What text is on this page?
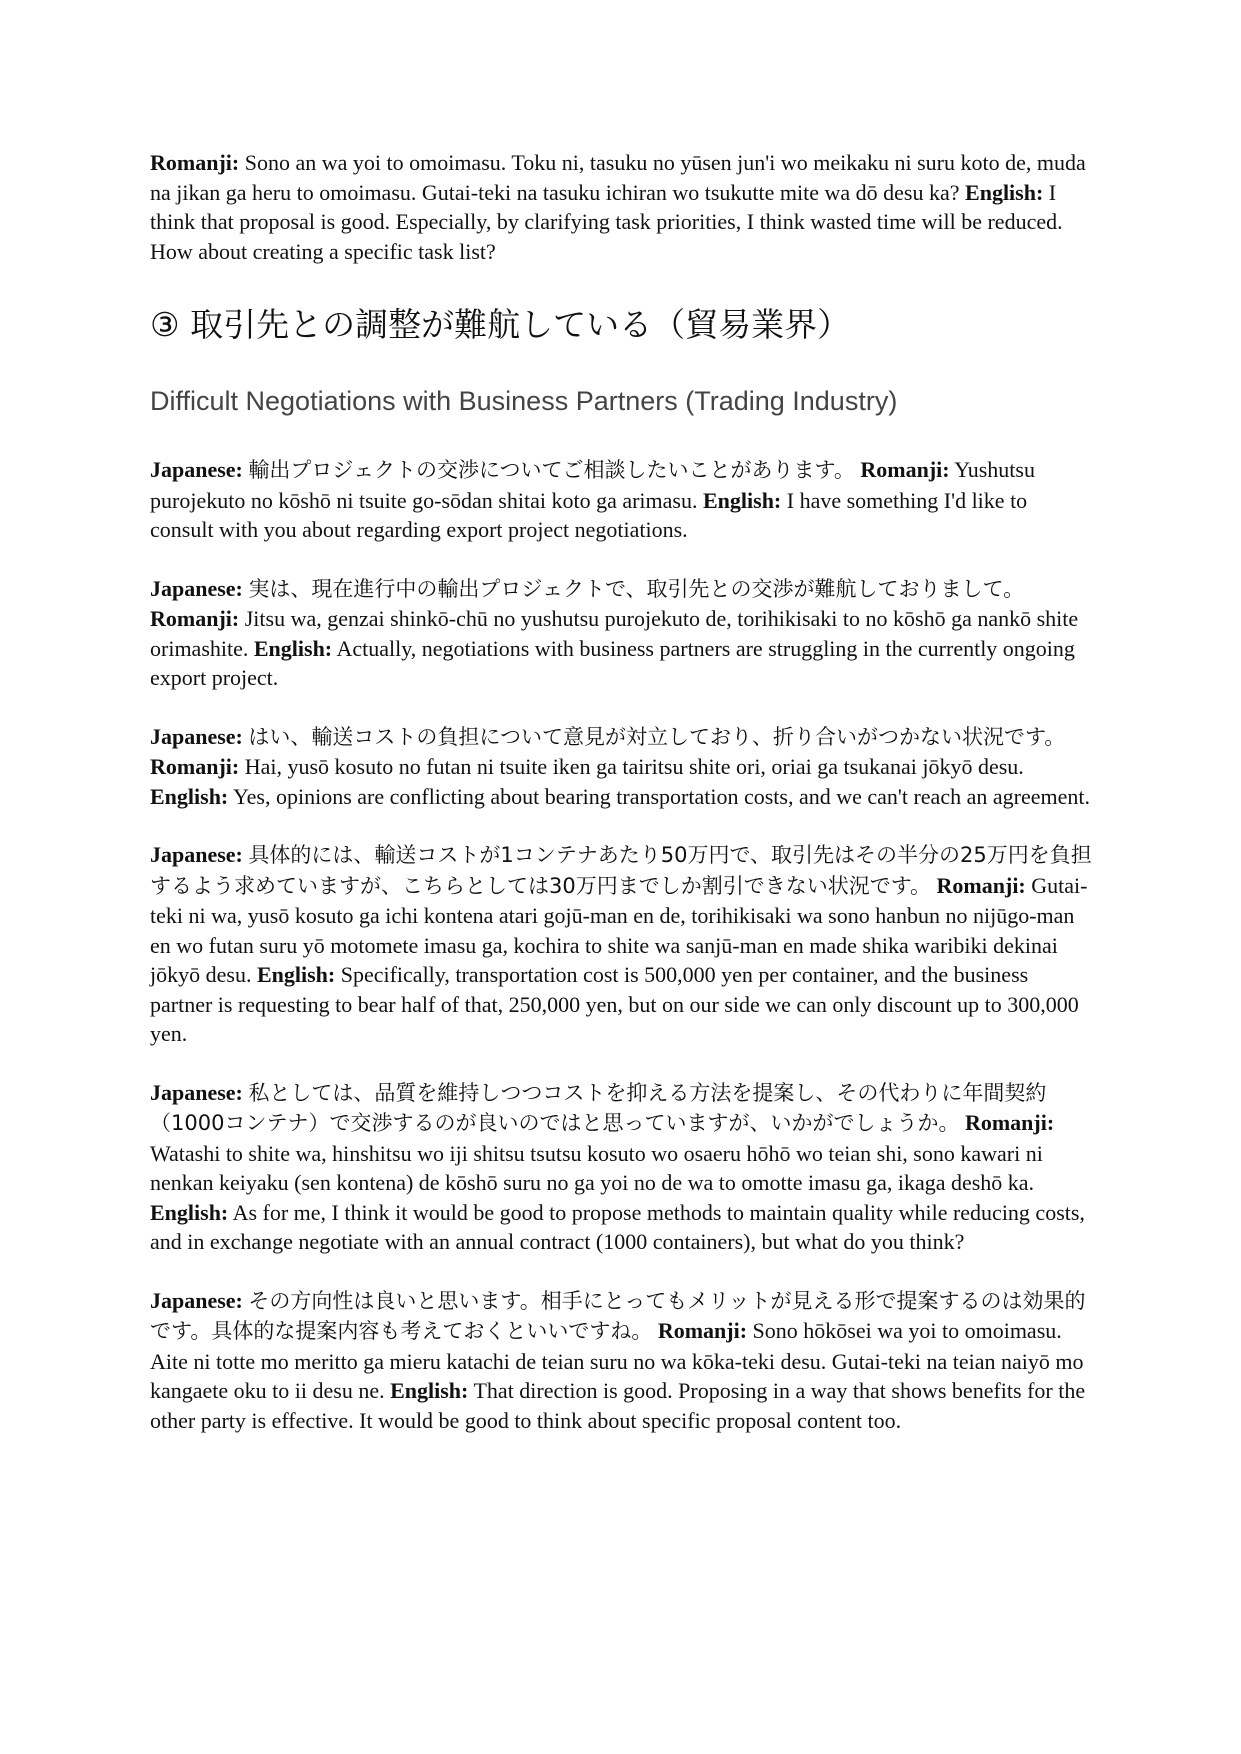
Romanji: Sono an wa yoi to omoimasu. Toku ni, tasuku no yūsen jun'i wo meikaku ni suru koto de, muda na jikan ga heru to omoimasu. Gutai-teki na tasuku ichiran wo tsukutte mite wa dō desu ka? English: I think that proposal is good. Especially, by clarifying task priorities, I think wasted time will be reduced. How about creating a specific task list?

③ 取引先との調整が難航している（貿易業界）
Difficult Negotiations with Business Partners (Trading Industry)

Japanese: 輸出プロジェクトの交渉についてご相談したいことがあります。 Romanji: Yushutsu purojekuto no kōshō ni tsuite go-sōdan shitai koto ga arimasu. English: I have something I'd like to consult with you about regarding export project negotiations.

Japanese: 実は、現在進行中の輸出プロジェクトで、取引先との交渉が難航しておりまして。 Romanji: Jitsu wa, genzai shinkō-chū no yushutsu purojekuto de, torihikisaki to no kōshō ga nankō shite orimashite. English: Actually, negotiations with business partners are struggling in the currently ongoing export project.

Japanese: はい、輸送コストの負担について意見が対立しており、折り合いがつかない状況です。 Romanji: Hai, yusō kosuto no futan ni tsuite iken ga tairitsu shite ori, oriai ga tsukanai jōkyō desu. English: Yes, opinions are conflicting about bearing transportation costs, and we can't reach an agreement.

Japanese: 具体的には、輸送コストが1コンテナあたり50万円で、取引先はその半分の25万円を負担するよう求めていますが、こちらとしては30万円までしか割引できない状況です。 Romanji: Gutai-teki ni wa, yusō kosuto ga ichi kontena atari gojū-man en de, torihikisaki wa sono hanbun no nijūgo-man en wo futan suru yō motomete imasu ga, kochira to shite wa sanjū-man en made shika waribiki dekinai jōkyō desu. English: Specifically, transportation cost is 500,000 yen per container, and the business partner is requesting to bear half of that, 250,000 yen, but on our side we can only discount up to 300,000 yen.

Japanese: 私としては、品質を維持しつつコストを抑える方法を提案し、その代わりに年間契約（1000コンテナ）で交渉するのが良いのではと思っていますが、いかがでしょうか。 Romanji: Watashi to shite wa, hinshitsu wo iji shitsu tsutsu kosuto wo osaeru hōhō wo teian shi, sono kawari ni nenkan keiyaku (sen kontena) de kōshō suru no ga yoi no de wa to omotte imasu ga, ikaga deshō ka. English: As for me, I think it would be good to propose methods to maintain quality while reducing costs, and in exchange negotiate with an annual contract (1000 containers), but what do you think?

Japanese: その方向性は良いと思います。相手にとってもメリットが見える形で提案するのは効果的です。具体的な提案内容も考えておくといいですね。 Romanji: Sono hōkōsei wa yoi to omoimasu. Aite ni totte mo meritto ga mieru katachi de teian suru no wa kōka-teki desu. Gutai-teki na teian naiyō mo kangaete oku to ii desu ne. English: That direction is good. Proposing in a way that shows benefits for the other party is effective. It would be good to think about specific proposal content too.
